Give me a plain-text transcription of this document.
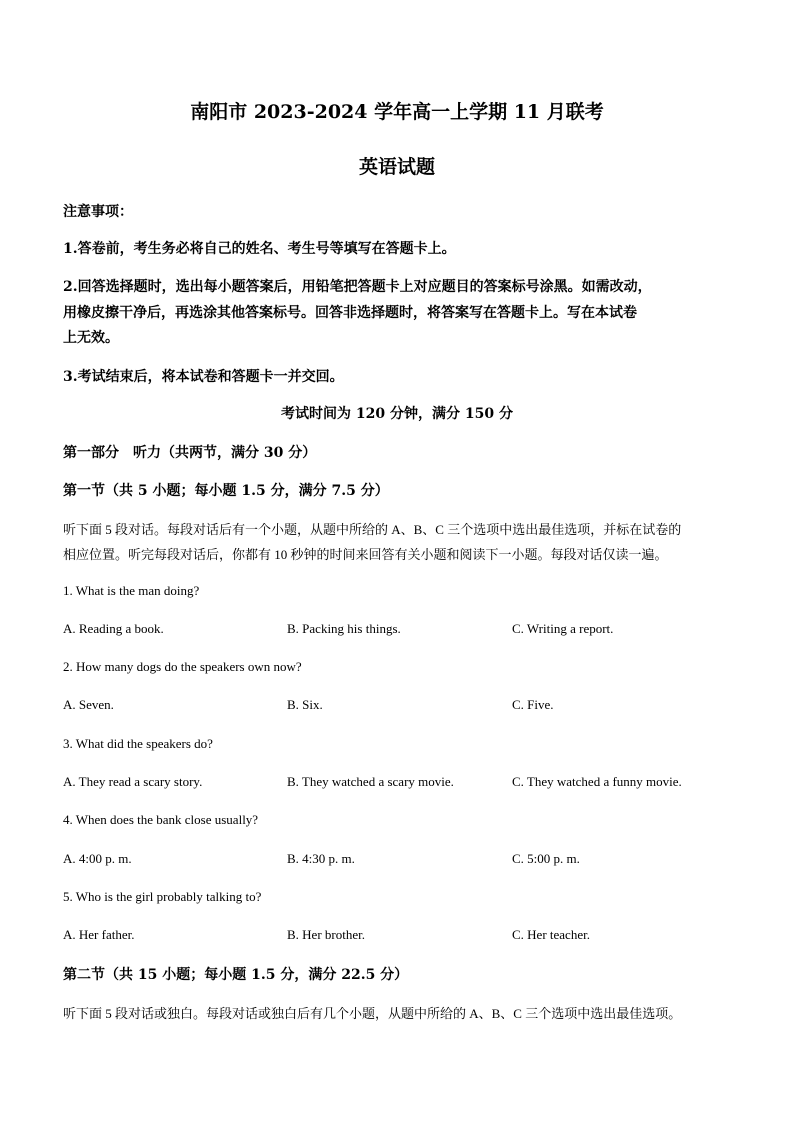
南阳市 2023-2024 学年高一上学期 11 月联考

英语试题

注意事项：

1.答卷前，考生务必将自己的姓名、考生号等填写在答题卡上。

2.回答选择题时，选出每小题答案后，用铅笔把答题卡上对应题目的答案标号涂黑。如需改动，

用橡皮擦干净后，再选涂其他答案标号。回答非选择题时，将答案写在答题卡上。写在本试卷

上无效。

3.考试结束后，将本试卷和答题卡一并交回。

考试时间为 120 分钟，满分 150 分

第一部分　听力（共两节，满分 30 分）

第一节（共 5 小题；每小题 1.5 分，满分 7.5 分）

听下面 5 段对话。每段对话后有一个小题，从题中所给的 A、B、C 三个选项中选出最佳选项，并标在试卷的

相应位置。听完每段对话后，你都有 10 秒钟的时间来回答有关小题和阅读下一小题。每段对话仅读一遍。

1. What is the man doing?

A. Reading a book.	B. Packing his things.	C. Writing a report.

2. How many dogs do the speakers own now?

A. Seven.	B. Six.	C. Five.

3. What did the speakers do?

A. They read a scary story.	B. They watched a scary movie.	C. They watched a funny movie.

4. When does the bank close usually?

A. 4:00 p. m.	B. 4:30 p. m.	C. 5:00 p. m.

5. Who is the girl probably talking to?

A. Her father.	B. Her brother.	C. Her teacher.

第二节（共 15 小题；每小题 1.5 分，满分 22.5 分）

听下面 5 段对话或独白。每段对话或独白后有几个小题，从题中所给的 A、B、C 三个选项中选出最佳选项。
